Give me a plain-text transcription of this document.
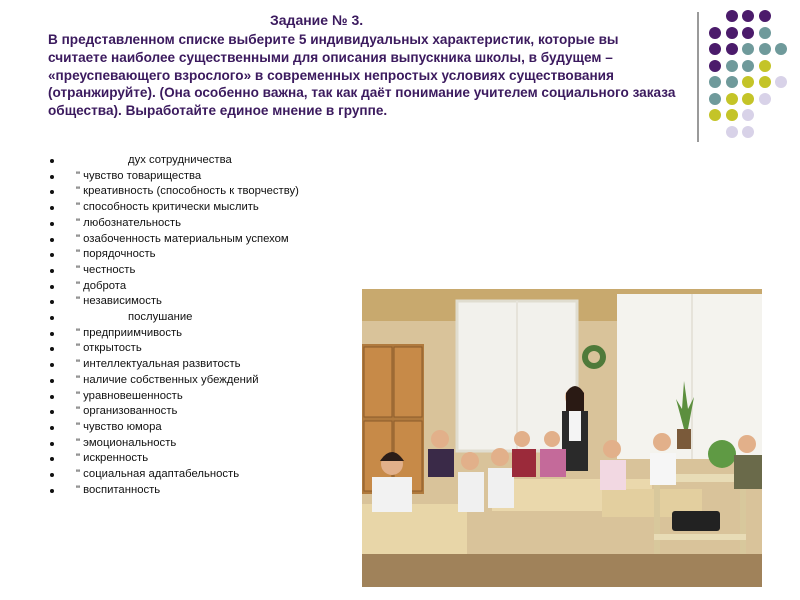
Задание № 3.
В представленном списке выберите 5 индивидуальных характеристик, которые вы считаете наиболее существенными для описания выпускника школы, в будущем – «преуспевающего взрослого» в современных непростых условиях существования (отранжируйте). (Она особенно важна, так как даёт понимание учителем социального заказа общества). Выработайте единое мнение в группе.
дух сотрудничества
" чувство товарищества
" креативность (способность к творчеству)
" способность критически мыслить
" любознательность
" озабоченность материальным успехом
" порядочность
" честность
" доброта
" независимость
послушание
" предприимчивость
" открытость
" интеллектуальная развитость
" наличие собственных убеждений
" уравновешенность
" организованность
" чувство юмора
" эмоциональность
" искренность
" социальная адаптабельность
" воспитанность
